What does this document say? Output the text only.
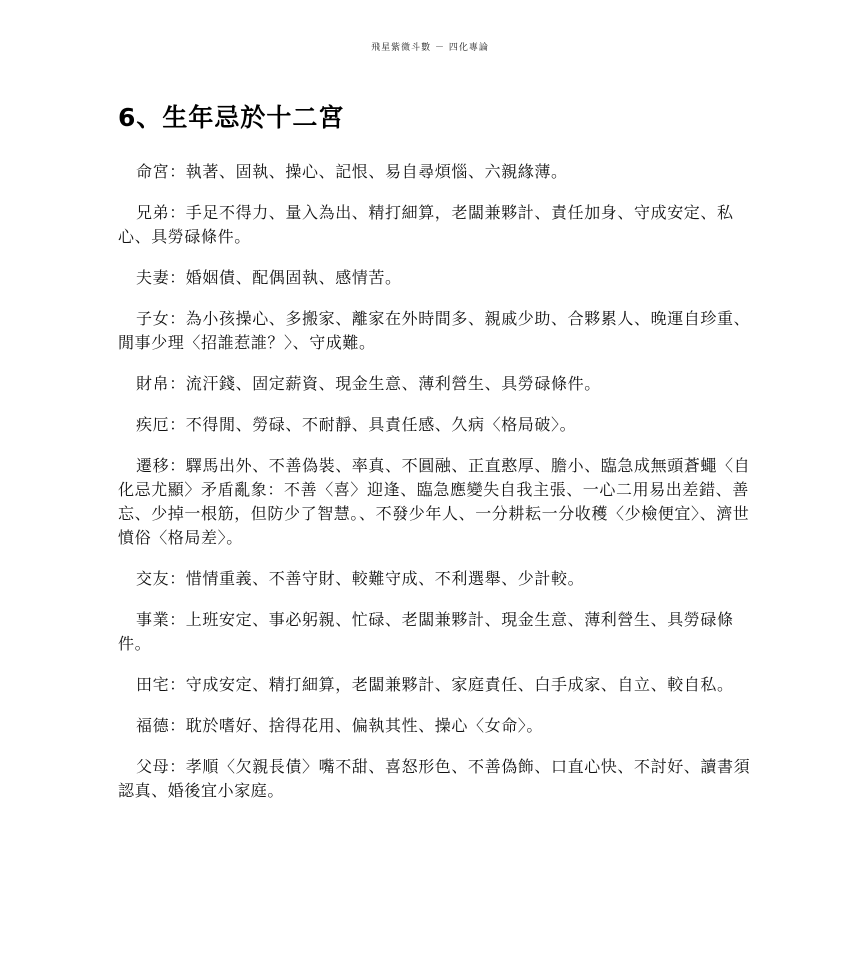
飛星紫微斗數 － 四化專論
6、生年忌於十二宮

命宮：執著、固執、操心、記恨、易自尋煩惱、六親緣薄。

兄弟：手足不得力、量入為出、精打細算，老闆兼夥計、責任加身、守成安定、私心、具勞碌條件。

夫妻：婚姻債、配偶固執、感情苦。

子女：為小孩操心、多搬家、離家在外時間多、親戚少助、合夥累人、晚運自珍重、閒事少理〈招誰惹誰？〉、守成難。

財帛：流汗錢、固定薪資、現金生意、薄利營生、具勞碌條件。

疾厄：不得閒、勞碌、不耐靜、具責任感、久病〈格局破〉。

遷移：驛馬出外、不善偽裝、率真、不圓融、正直憨厚、膽小、臨急成無頭蒼蠅〈自化忌尤顯〉矛盾亂象：不善〈喜〉迎逢、臨急應變失自我主張、一心二用易出差錯、善忘、少掉一根筋，但防少了智慧。、不發少年人、一分耕耘一分收穫〈少檢便宜〉、濟世憤俗〈格局差〉。

交友：惜情重義、不善守財、較難守成、不利選舉、少計較。

事業：上班安定、事必躬親、忙碌、老闆兼夥計、現金生意、薄利營生、具勞碌條件。

田宅：守成安定、精打細算，老闆兼夥計、家庭責任、白手成家、自立、較自私。

福德：耽於嗜好、捨得花用、偏執其性、操心〈女命〉。

父母：孝順〈欠親長債〉嘴不甜、喜怒形色、不善偽飾、口直心快、不討好、讀書須認真、婚後宜小家庭。
